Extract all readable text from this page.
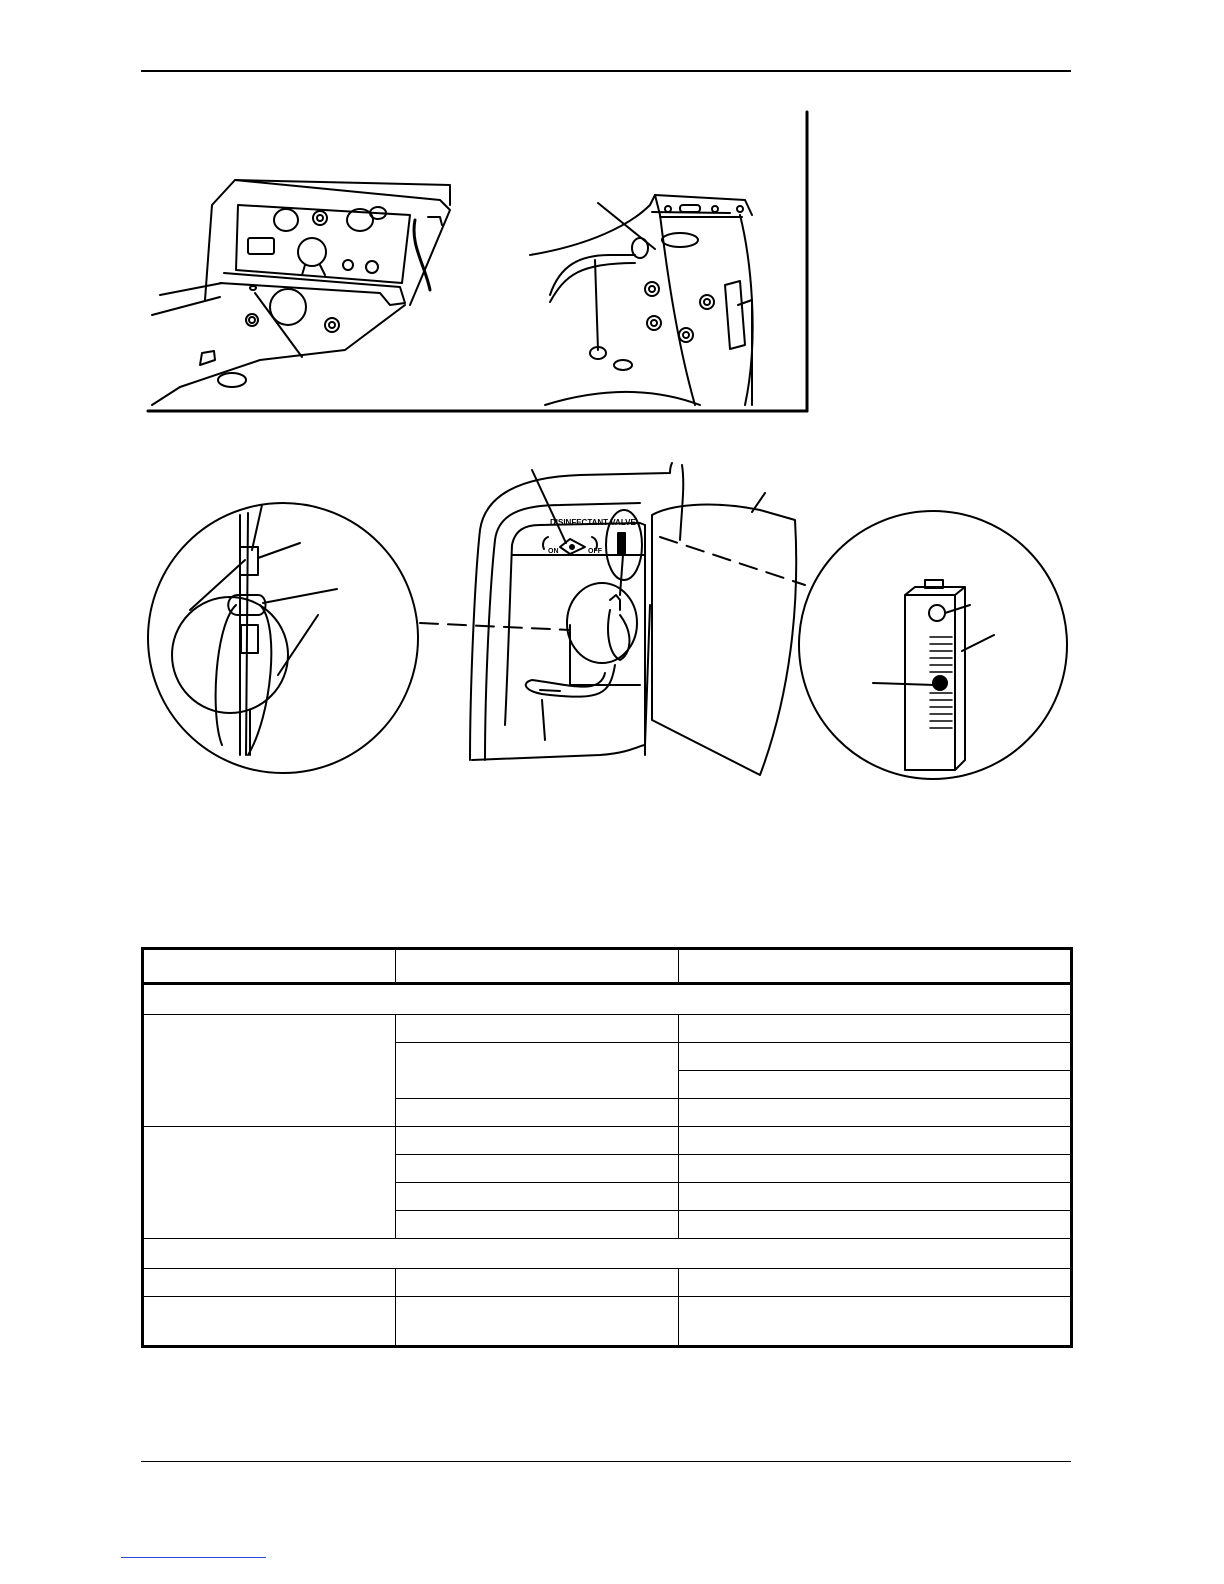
DISINFECTANT VALVE
ON	OFF
